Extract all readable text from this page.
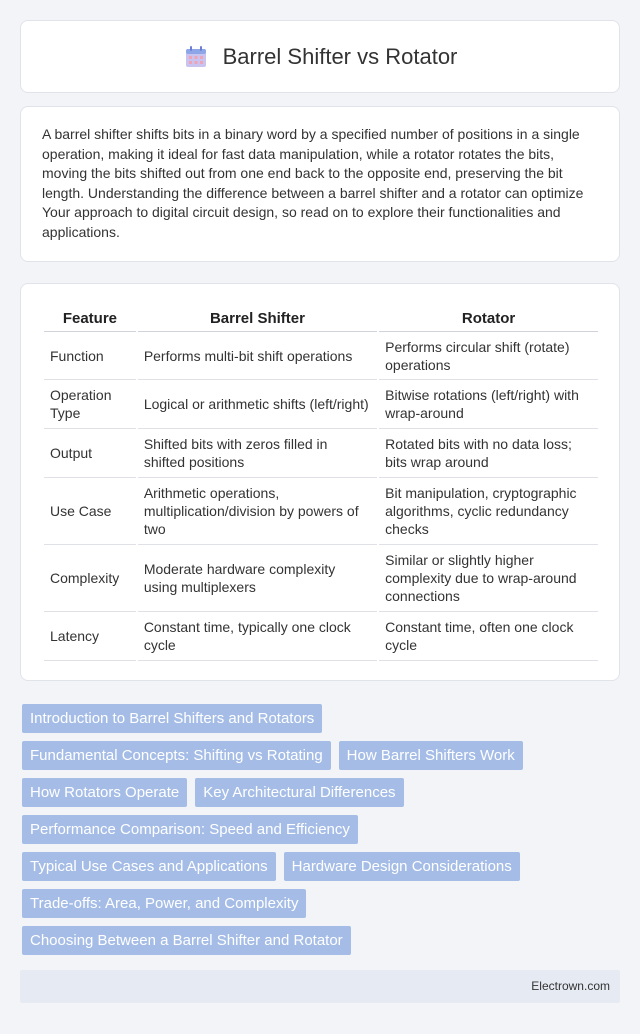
Barrel Shifter vs Rotator

A barrel shifter shifts bits in a binary word by a specified number of positions in a single operation, making it ideal for fast data manipulation, while a rotator rotates the bits, moving the bits shifted out from one end back to the opposite end, preserving the bit length. Understanding the difference between a barrel shifter and a rotator can optimize Your approach to digital circuit design, so read on to explore their functionalities and applications.

Feature	Barrel Shifter	Rotator
Function	Performs multi-bit shift operations	Performs circular shift (rotate) operations
Operation Type	Logical or arithmetic shifts (left/right)	Bitwise rotations (left/right) with wrap-around
Output	Shifted bits with zeros filled in shifted positions	Rotated bits with no data loss; bits wrap around
Use Case	Arithmetic operations, multiplication/division by powers of two	Bit manipulation, cryptographic algorithms, cyclic redundancy checks
Complexity	Moderate hardware complexity using multiplexers	Similar or slightly higher complexity due to wrap-around connections
Latency	Constant time, typically one clock cycle	Constant time, often one clock cycle
Introduction to Barrel Shifters and Rotators
Fundamental Concepts: Shifting vs Rotating	How Barrel Shifters Work
How Rotators Operate	Key Architectural Differences
Performance Comparison: Speed and Efficiency
Typical Use Cases and Applications	Hardware Design Considerations
Trade-offs: Area, Power, and Complexity
Choosing Between a Barrel Shifter and Rotator
Electrown.com
